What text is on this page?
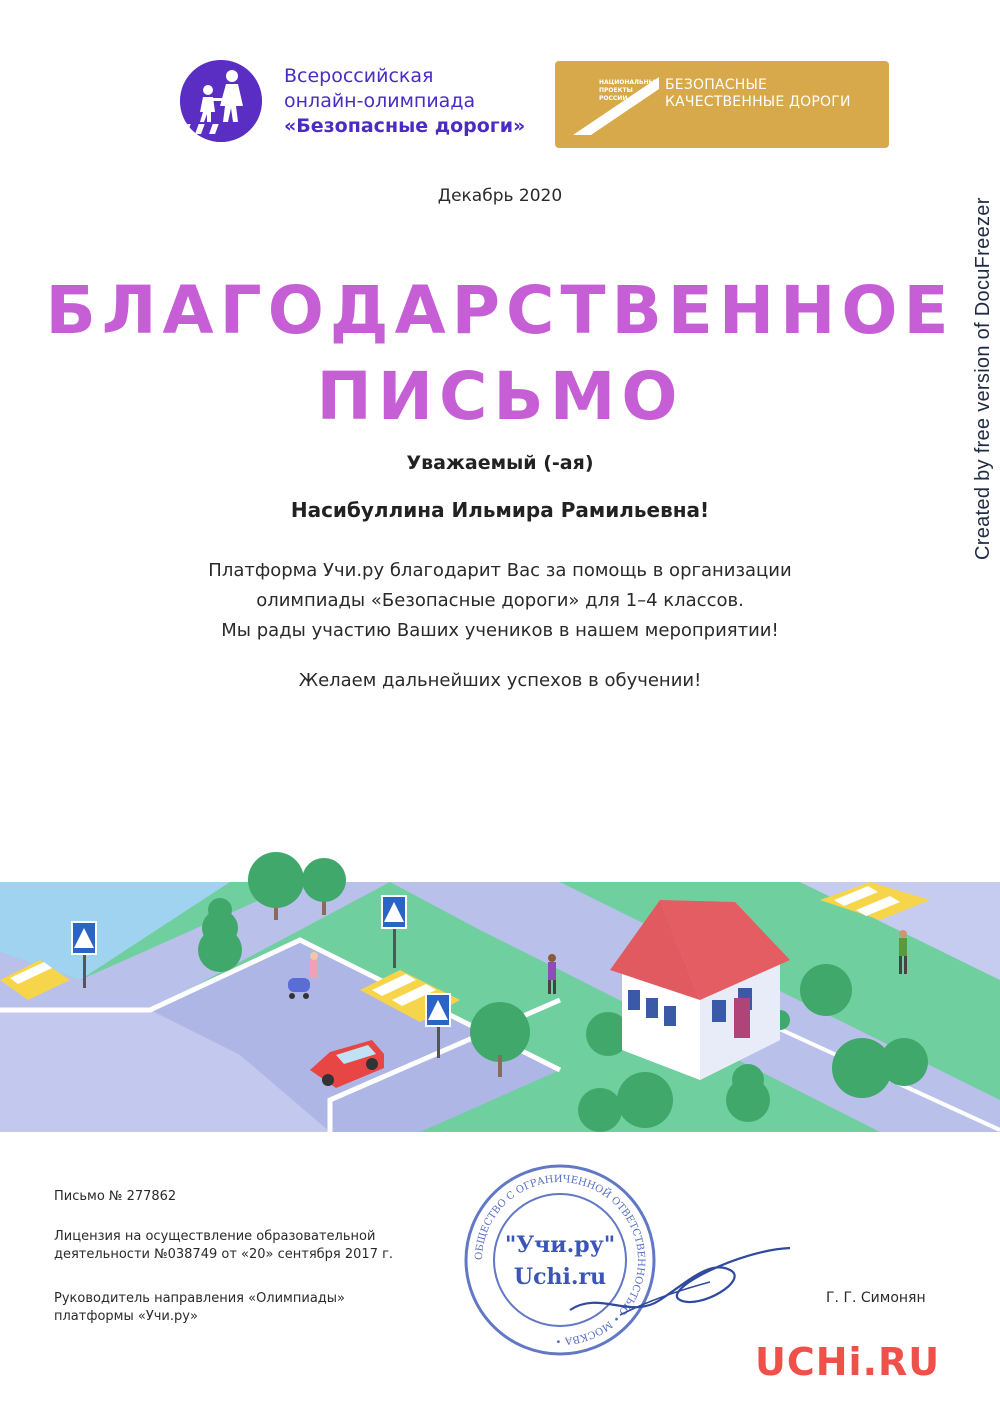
Всероссийская
онлайн-олимпиада
«Безопасные дороги»
НАЦИОНАЛЬНЫЕ
ПРОЕКТЫ
РОССИИ
БЕЗОПАСНЫЕ
КАЧЕСТВЕННЫЕ ДОРОГИ
Created by free version of DocuFreezer
Декабрь 2020
БЛАГОДАРСТВЕННОЕ
ПИСЬМО
Уважаемый (-ая)
Насибуллина Ильмира Рамильевна!
Платформа Учи.ру благодарит Вас за помощь в организации
олимпиады «Безопасные дороги» для 1–4 классов.
Мы рады участию Ваших учеников в нашем мероприятии!
Желаем дальнейших успехов в обучении!
ОБЩЕСТВО С ОГРАНИЧЕННОЙ ОТВЕТСТВЕННОСТЬЮ • МОСКВА •
"Учи.ру"
Uchi.ru
Письмо № 277862
Лицензия на осуществление образовательной
деятельности №038749 от «20» сентября 2017 г.
Руководитель направления «Олимпиады»
платформы «Учи.ру»
Г. Г. Симонян
UCHi.RU
